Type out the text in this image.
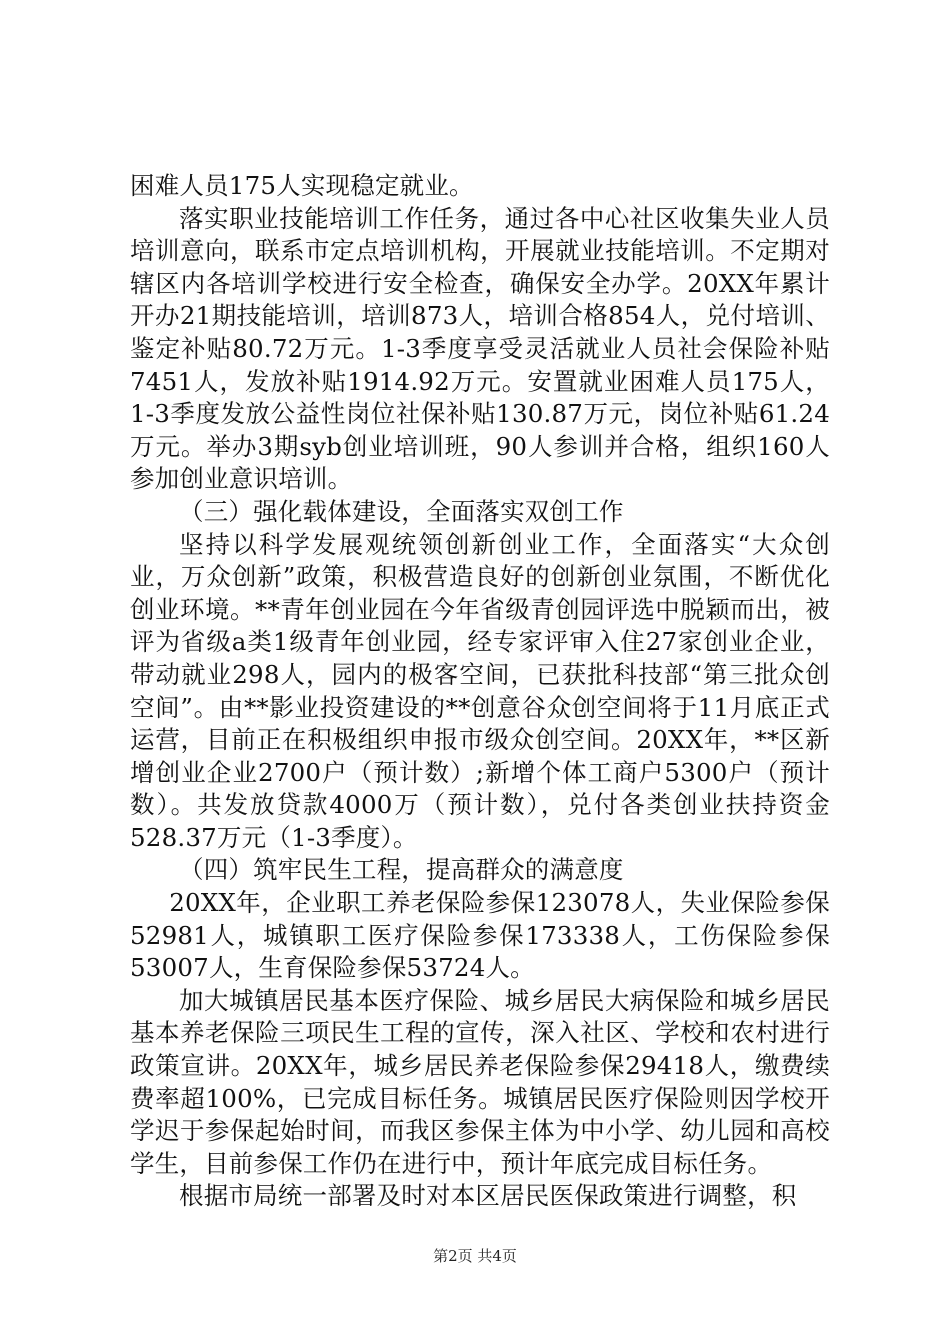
困难人员175人实现稳定就业。

落实职业技能培训工作任务，通过各中心社区收集失业人员培训意向，联系市定点培训机构，开展就业技能培训。不定期对辖区内各培训学校进行安全检查，确保安全办学。20XX年累计开办21期技能培训，培训873人，培训合格854人，兑付培训、鉴定补贴80.72万元。1-3季度享受灵活就业人员社会保险补贴7451人，发放补贴1914.92万元。安置就业困难人员175人，1-3季度发放公益性岗位社保补贴130.87万元，岗位补贴61.24万元。举办3期syb创业培训班，90人参训并合格，组织160人参加创业意识培训。

（三）强化载体建设，全面落实双创工作

坚持以科学发展观统领创新创业工作，全面落实“大众创业，万众创新”政策，积极营造良好的创新创业氛围，不断优化创业环境。**青年创业园在今年省级青创园评选中脱颖而出，被评为省级a类1级青年创业园，经专家评审入住27家创业企业，带动就业298人，园内的极客空间，已获批科技部“第三批众创空间”。由**影业投资建设的**创意谷众创空间将于11月底正式运营，目前正在积极组织申报市级众创空间。20XX年，**区新增创业企业2700户（预计数）;新增个体工商户5300户（预计数）。共发放贷款4000万（预计数），兑付各类创业扶持资金528.37万元（1-3季度）。

（四）筑牢民生工程，提高群众的满意度

20XX年，企业职工养老保险参保123078人，失业保险参保52981人，城镇职工医疗保险参保173338人，工伤保险参保53007人，生育保险参保53724人。

加大城镇居民基本医疗保险、城乡居民大病保险和城乡居民基本养老保险三项民生工程的宣传，深入社区、学校和农村进行政策宣讲。20XX年，城乡居民养老保险参保29418人，缴费续费率超100%，已完成目标任务。城镇居民医疗保险则因学校开学迟于参保起始时间，而我区参保主体为中小学、幼儿园和高校学生，目前参保工作仍在进行中，预计年底完成目标任务。

根据市局统一部署及时对本区居民医保政策进行调整，积

第2页 共4页
